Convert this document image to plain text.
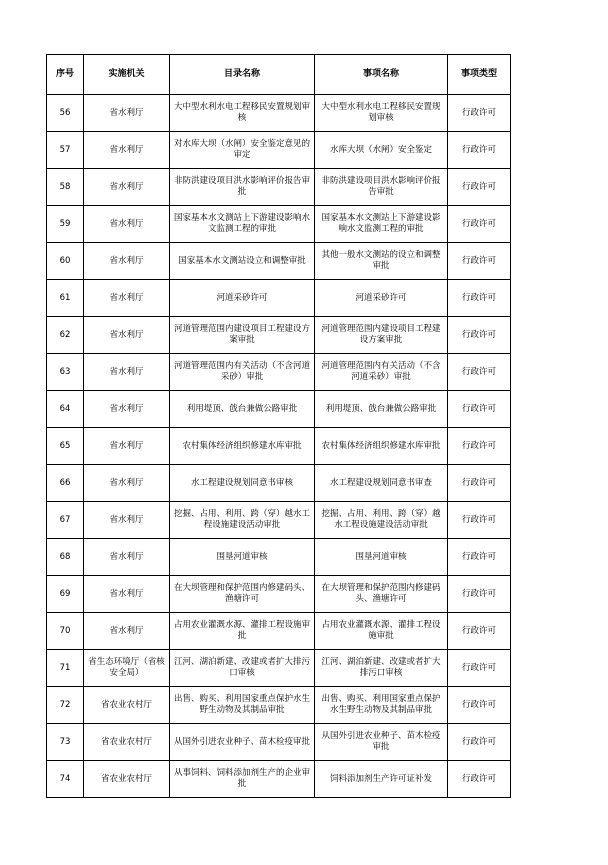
序号	实施机关	目录名称	事项名称	事项类型
56	省水利厅	大中型水利水电工程移民安置规划审核	大中型水利水电工程移民安置规划审核	行政许可
57	省水利厅	对水库大坝（水闸）安全鉴定意见的审定	水库大坝（水闸）安全鉴定	行政许可
58	省水利厅	非防洪建设项目洪水影响评价报告审批	非防洪建设项目洪水影响评价报告审批	行政许可
59	省水利厅	国家基本水文测站上下游建设影响水文监测工程的审批	国家基本水文测站上下游建设影响水文监测工程的审批	行政许可
60	省水利厅	国家基本水文测站设立和调整审批	其他一般水文测站的设立和调整审批	行政许可
61	省水利厅	河道采砂许可	河道采砂许可	行政许可
62	省水利厅	河道管理范围内建设项目工程建设方案审批	河道管理范围内建设项目工程建设方案审批	行政许可
63	省水利厅	河道管理范围内有关活动（不含河道采砂）审批	河道管理范围内有关活动（不含河道采砂）审批	行政许可
64	省水利厅	利用堤顶、戗台兼做公路审批	利用堤顶、戗台兼做公路审批	行政许可
65	省水利厅	农村集体经济组织修建水库审批	农村集体经济组织修建水库审批	行政许可
66	省水利厅	水工程建设规划同意书审核	水工程建设规划同意书审查	行政许可
67	省水利厅	挖掘、占用、利用、跨（穿）越水工程设施建设活动审批	挖掘、占用、利用、跨（穿）越水工程设施建设活动审批	行政许可
68	省水利厅	围垦河道审核	围垦河道审核	行政许可
69	省水利厅	在大坝管理和保护范围内修建码头、渔塘许可	在大坝管理和保护范围内修建码头、渔塘许可	行政许可
70	省水利厅	占用农业灌溉水源、灌排工程设施审批	占用农业灌溉水源、灌排工程设施审批	行政许可
71	省生态环境厅（省核安全局）	江河、湖泊新建、改建或者扩大排污口审核	江河、湖泊新建、改建或者扩大排污口审核	行政许可
72	省农业农村厅	出售、购买、利用国家重点保护水生野生动物及其制品审批	出售、购买、利用国家重点保护水生野生动物及其制品审批	行政许可
73	省农业农村厅	从国外引进农业种子、苗木检疫审批	从国外引进农业种子、苗木检疫审批	行政许可
74	省农业农村厅	从事饲料、饲料添加剂生产的企业审批	饲料添加剂生产许可证补发	行政许可
